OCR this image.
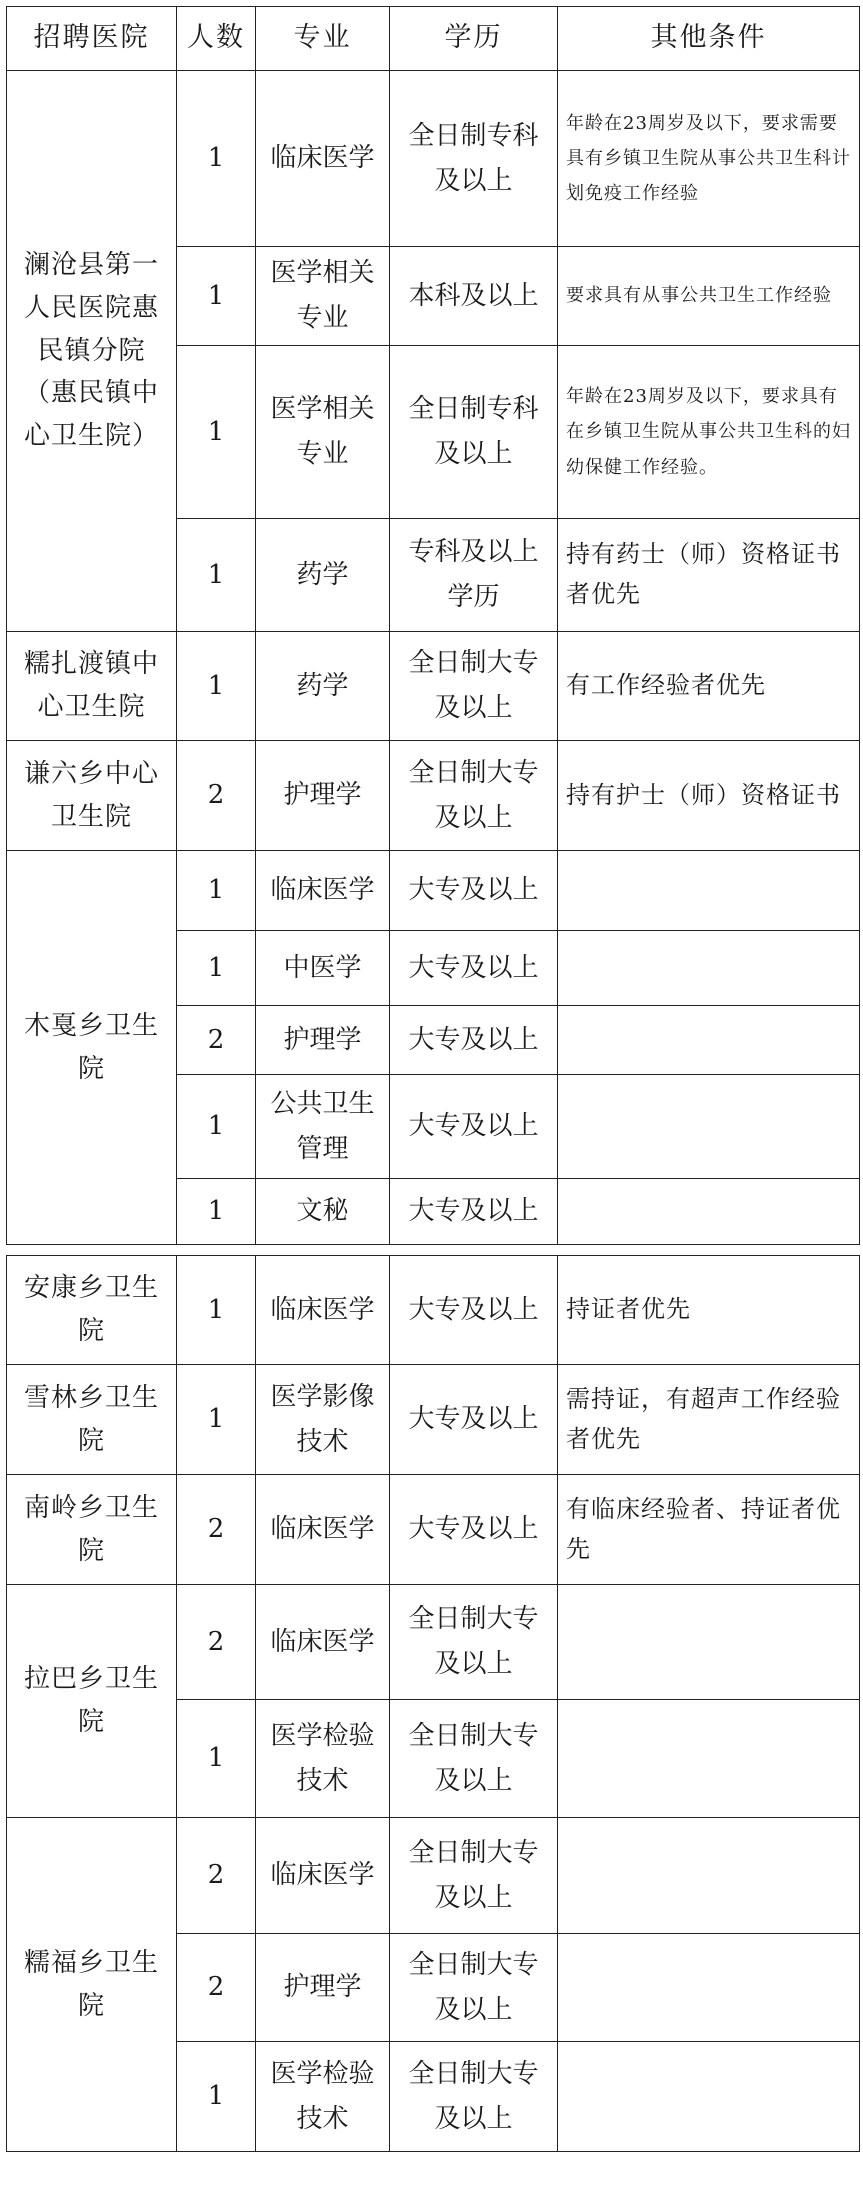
招聘医院	人数	专业	学历	其他条件
澜沧县第一人民医院惠民镇分院（惠民镇中心卫生院）	1	临床医学	全日制专科及以上	年龄在23周岁及以下，要求需要具有乡镇卫生院从事公共卫生科计划免疫工作经验
	1	医学相关专业	本科及以上	要求具有从事公共卫生工作经验
	1	医学相关专业	全日制专科及以上	年龄在23周岁及以下，要求具有在乡镇卫生院从事公共卫生科的妇幼保健工作经验。
	1	药学	专科及以上学历	持有药士（师）资格证书者优先
糯扎渡镇中心卫生院	1	药学	全日制大专及以上	有工作经验者优先
谦六乡中心卫生院	2	护理学	全日制大专及以上	持有护士（师）资格证书
木戛乡卫生院	1	临床医学	大专及以上	
	1	中医学	大专及以上	
	2	护理学	大专及以上	
	1	公共卫生管理	大专及以上	
	1	文秘	大专及以上	

安康乡卫生院	1	临床医学	大专及以上	持证者优先
雪林乡卫生院	1	医学影像技术	大专及以上	需持证，有超声工作经验者优先
南岭乡卫生院	2	临床医学	大专及以上	有临床经验者、持证者优先
拉巴乡卫生院	2	临床医学	全日制大专及以上	
	1	医学检验技术	全日制大专及以上	
糯福乡卫生院	2	临床医学	全日制大专及以上	
	2	护理学	全日制大专及以上	
	1	医学检验技术	全日制大专及以上	
